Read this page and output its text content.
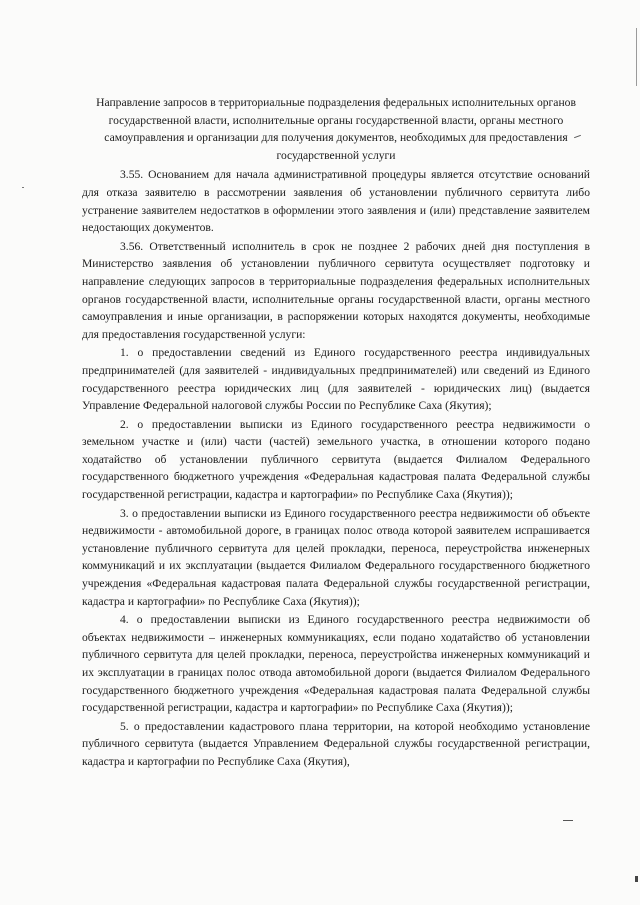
Направление запросов в территориальные подразделения федеральных исполнительных органов государственной власти, исполнительные органы государственной власти, органы местного самоуправления и организации для получения документов, необходимых для предоставления государственной услуги

3.55. Основанием для начала административной процедуры является отсутствие оснований для отказа заявителю в рассмотрении заявления об установлении публичного сервитута либо устранение заявителем недостатков в оформлении этого заявления и (или) представление заявителем недостающих документов.

3.56. Ответственный исполнитель в срок не позднее 2 рабочих дней дня поступления в Министерство заявления об установлении публичного сервитута осуществляет подготовку и направление следующих запросов в территориальные подразделения федеральных исполнительных органов государственной власти, исполнительные органы государственной власти, органы местного самоуправления и иные организации, в распоряжении которых находятся документы, необходимые для предоставления государственной услуги:

1. о предоставлении сведений из Единого государственного реестра индивидуальных предпринимателей (для заявителей - индивидуальных предпринимателей) или сведений из Единого государственного реестра юридических лиц (для заявителей - юридических лиц) (выдается Управление Федеральной налоговой службы России по Республике Саха (Якутия);

2. о предоставлении выписки из Единого государственного реестра недвижимости о земельном участке и (или) части (частей) земельного участка, в отношении которого подано ходатайство об установлении публичного сервитута (выдается Филиалом Федерального государственного бюджетного учреждения «Федеральная кадастровая палата Федеральной службы государственной регистрации, кадастра и картографии» по Республике Саха (Якутия));

3. о предоставлении выписки из Единого государственного реестра недвижимости об объекте недвижимости - автомобильной дороге, в границах полос отвода которой заявителем испрашивается установление публичного сервитута для целей прокладки, переноса, переустройства инженерных коммуникаций и их эксплуатации (выдается Филиалом Федерального государственного бюджетного учреждения «Федеральная кадастровая палата Федеральной службы государственной регистрации, кадастра и картографии» по Республике Саха (Якутия));

4. о предоставлении выписки из Единого государственного реестра недвижимости об объектах недвижимости – инженерных коммуникациях, если подано ходатайство об установлении публичного сервитута для целей прокладки, переноса, переустройства инженерных коммуникаций и их эксплуатации в границах полос отвода автомобильной дороги (выдается Филиалом Федерального государственного бюджетного учреждения «Федеральная кадастровая палата Федеральной службы государственной регистрации, кадастра и картографии» по Республике Саха (Якутия));

5. о предоставлении кадастрового плана территории, на которой необходимо установление публичного сервитута (выдается Управлением Федеральной службы государственной регистрации, кадастра и картографии по Республике Саха (Якутия),
